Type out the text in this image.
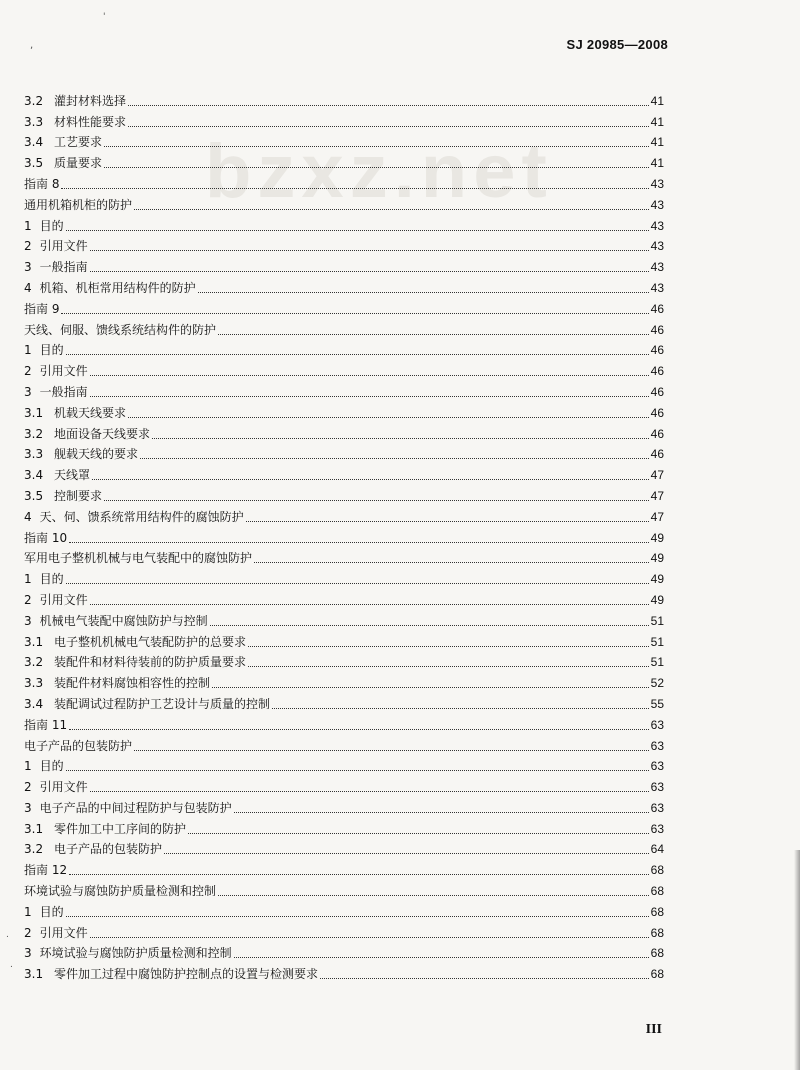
bzxz.net
,
'
.
.
SJ 20985—2008
3.2 灌封材料选择	41
3.3 材料性能要求	41
3.4 工艺要求	41
3.5 质量要求	41
指南 8	43
通用机箱机柜的防护	43
1 目的	43
2 引用文件	43
3 一般指南	43
4 机箱、机柜常用结构件的防护	43
指南 9	46
天线、伺服、馈线系统结构件的防护	46
1 目的	46
2 引用文件	46
3 一般指南	46
3.1 机载天线要求	46
3.2 地面设备天线要求	46
3.3 舰载天线的要求	46
3.4 天线罩	47
3.5 控制要求	47
4 天、伺、馈系统常用结构件的腐蚀防护	47
指南 10	49
军用电子整机机械与电气装配中的腐蚀防护	49
1 目的	49
2 引用文件	49
3 机械电气装配中腐蚀防护与控制	51
3.1 电子整机机械电气装配防护的总要求	51
3.2 装配件和材料待装前的防护质量要求	51
3.3 装配件材料腐蚀相容性的控制	52
3.4 装配调试过程防护工艺设计与质量的控制	55
指南 11	63
电子产品的包装防护	63
1 目的	63
2 引用文件	63
3 电子产品的中间过程防护与包装防护	63
3.1 零件加工中工序间的防护	63
3.2 电子产品的包装防护	64
指南 12	68
环境试验与腐蚀防护质量检测和控制	68
1 目的	68
2 引用文件	68
3 环境试验与腐蚀防护质量检测和控制	68
3.1 零件加工过程中腐蚀防护控制点的设置与检测要求	68
III
